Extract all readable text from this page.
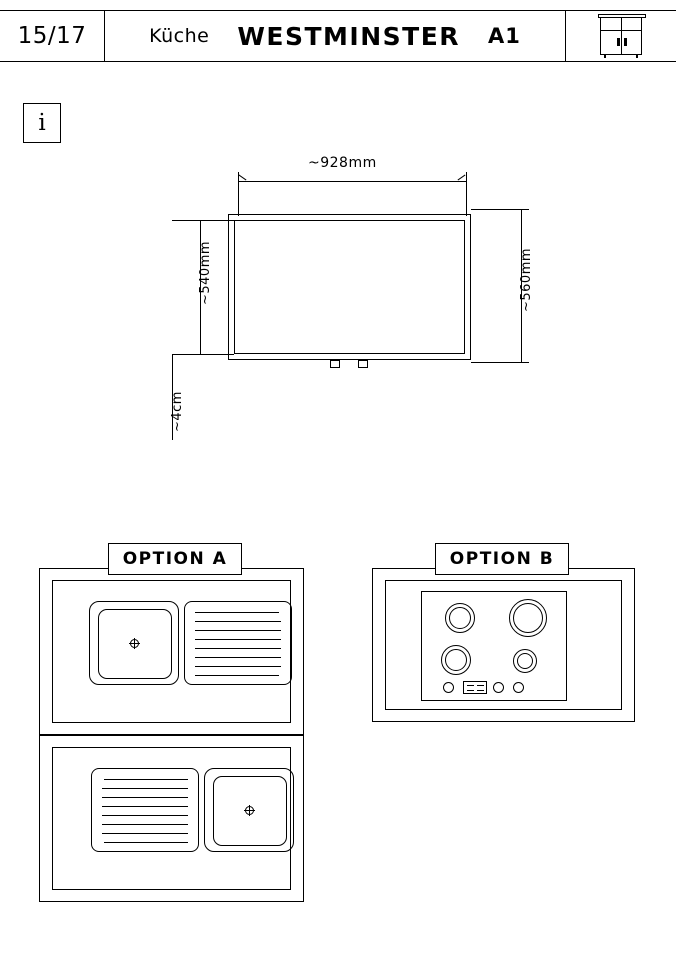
15/17	Küche WESTMINSTER A1
i
~928mm
~560mm
~540mm
~4cm
OPTION A	OPTION B
